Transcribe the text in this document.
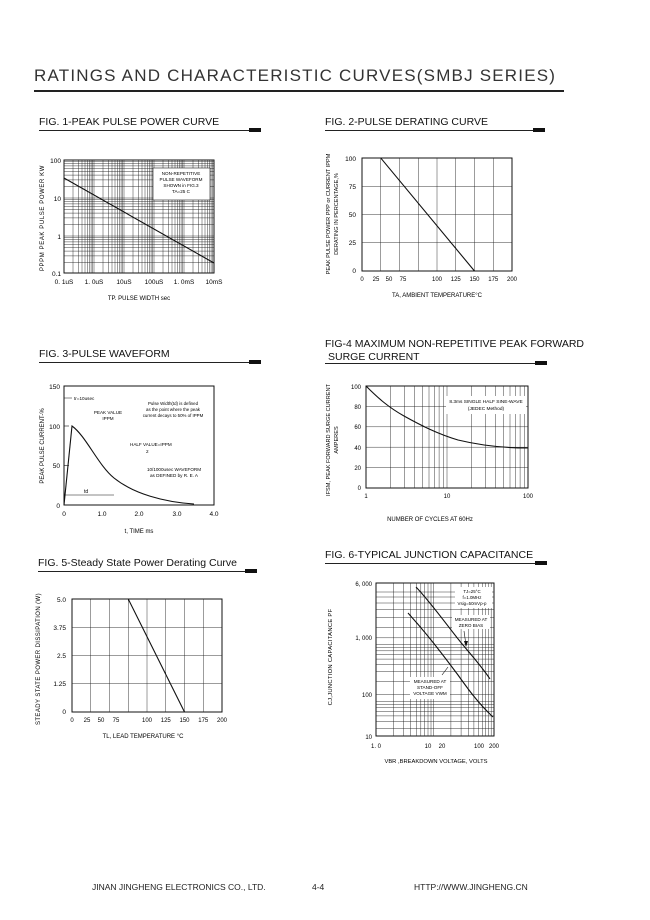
RATINGS AND CHARACTERISTIC CURVES(SMBJ SERIES)
FIG. 1-PEAK PULSE POWER CURVE
NON-REPETITIVE
PULSE WAVEFORM
SHOWN in FIG.3
TA=25 C
100
10
1
0.1
0. 1uS 1. 0uS 10uS 100uS 1. 0mS 10mS
TP. PULSE WIDTH sec
PPPM PEAK PULSE POWER KW
FIG. 2-PULSE DERATING CURVE
100
75
50
25
0
0 25 50 75	100 125 150 175 200
TA, AMBIENT TEMPERATURE°C
PEAK PULSE POWER PPP or CURRENT IPPM DERATING IN PERCENTAGE,%
FIG. 3-PULSE WAVEFORM
tr=10usec
PEAK VALUE
IPPM
Pulse Width(td) is defined
as the point where the peak
current decays to 50% of IPPM
HALF VALUE=IPPM
2
10/1000usec WAVEFORM
as DEFINED by R. E. A
td
150
100
50
0
0	1.0	2.0	3.0	4.0
t, TIME ms
PEAK PULSE CURRENT-%
FIG-4 MAXIMUM NON-REPETITIVE PEAK FORWARD
SURGE CURRENT
8.3ms SINGLE HALF SINE-WAVE
(JEDEC Method)
100
80
60
40
20
0
1	10	100
NUMBER OF CYCLES AT 60Hz
IFSM, PEAK FORWARD SURGE CURRENT AMPERES
FIG. 5-Steady State Power Derating Curve
5.0
3.75
2.5
1.25
0
0 25 50 75	100 125 150 175 200
TL, LEAD TEMPERATURE °C
STEADY STATE POWER DISSIPATION (W)
FIG. 6-TYPICAL JUNCTION CAPACITANCE
TJ=25°C
f=1.0MHz
Vsig=50mVp-p
MEASURED AT
ZERO BIAS
MEASURED AT
STAND-OFF
VOLTAGE VWM
6, 000
1, 000
100
10
1. 0	10 20	100 200
VBR ,BREAKDOWN VOLTAGE, VOLTS
CJ,JUNCTION CAPACITANCE PF
JINAN JINGHENG ELECTRONICS CO., LTD.	4-4	HTTP://WWW.JINGHENG.CN
